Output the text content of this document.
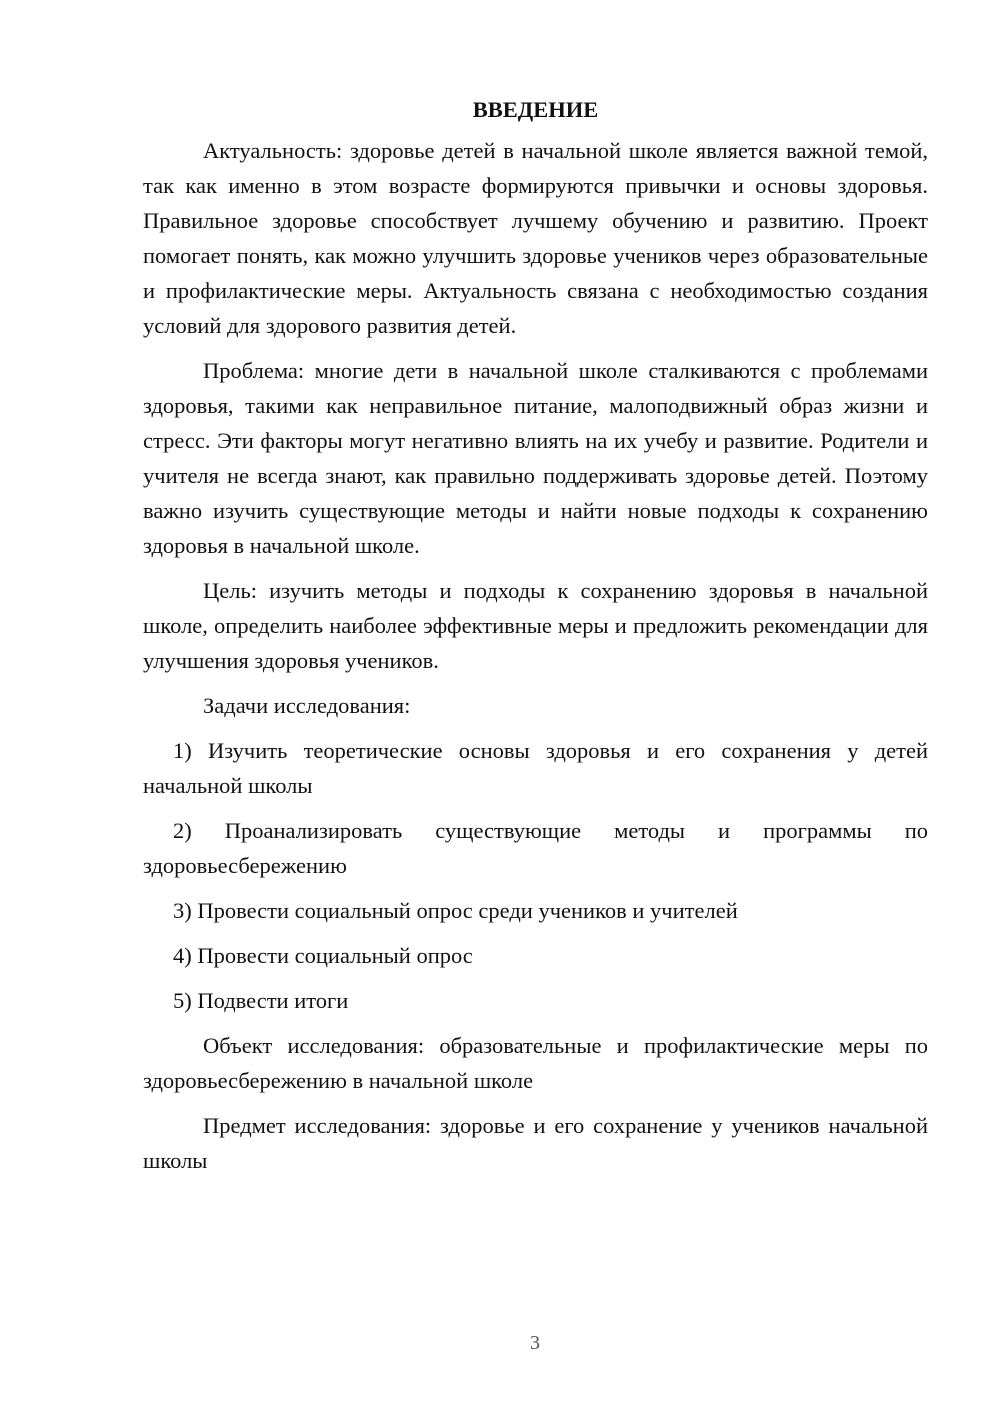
ВВЕДЕНИЕ

Актуальность: здоровье детей в начальной школе является важной темой, так как именно в этом возрасте формируются привычки и основы здоровья. Правильное здоровье способствует лучшему обучению и развитию. Проект помогает понять, как можно улучшить здоровье учеников через образовательные и профилактические меры. Актуальность связана с необходимостью создания условий для здорового развития детей.

Проблема: многие дети в начальной школе сталкиваются с проблемами здоровья, такими как неправильное питание, малоподвижный образ жизни и стресс. Эти факторы могут негативно влиять на их учебу и развитие. Родители и учителя не всегда знают, как правильно поддерживать здоровье детей. Поэтому важно изучить существующие методы и найти новые подходы к сохранению здоровья в начальной школе.

Цель: изучить методы и подходы к сохранению здоровья в начальной школе, определить наиболее эффективные меры и предложить рекомендации для улучшения здоровья учеников.

Задачи исследования:

1) Изучить теоретические основы здоровья и его сохранения у детей начальной школы

2) Проанализировать существующие методы и программы по здоровьесбережению

3) Провести социальный опрос среди учеников и учителей

4) Провести социальный опрос

5) Подвести итоги

Объект исследования: образовательные и профилактические меры по здоровьесбережению в начальной школе

Предмет исследования: здоровье и его сохранение у учеников начальной школы

3
